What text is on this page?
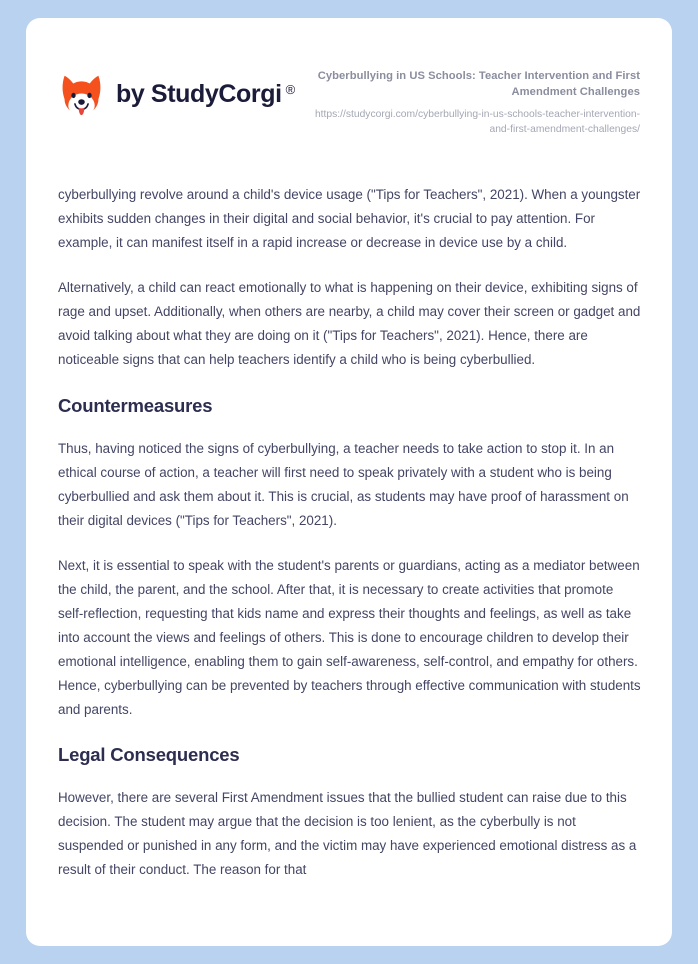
by StudyCorgi ®
Cyberbullying in US Schools: Teacher Intervention and First Amendment Challenges
https://studycorgi.com/cyberbullying-in-us-schools-teacher-intervention-and-first-amendment-challenges/

cyberbullying revolve around a child's device usage ("Tips for Teachers", 2021). When a youngster exhibits sudden changes in their digital and social behavior, it's crucial to pay attention. For example, it can manifest itself in a rapid increase or decrease in device use by a child.

Alternatively, a child can react emotionally to what is happening on their device, exhibiting signs of rage and upset. Additionally, when others are nearby, a child may cover their screen or gadget and avoid talking about what they are doing on it ("Tips for Teachers", 2021). Hence, there are noticeable signs that can help teachers identify a child who is being cyberbullied.

Countermeasures

Thus, having noticed the signs of cyberbullying, a teacher needs to take action to stop it. In an ethical course of action, a teacher will first need to speak privately with a student who is being cyberbullied and ask them about it. This is crucial, as students may have proof of harassment on their digital devices ("Tips for Teachers", 2021).

Next, it is essential to speak with the student's parents or guardians, acting as a mediator between the child, the parent, and the school. After that, it is necessary to create activities that promote self-reflection, requesting that kids name and express their thoughts and feelings, as well as take into account the views and feelings of others. This is done to encourage children to develop their emotional intelligence, enabling them to gain self-awareness, self-control, and empathy for others. Hence, cyberbullying can be prevented by teachers through effective communication with students and parents.

Legal Consequences

However, there are several First Amendment issues that the bullied student can raise due to this decision. The student may argue that the decision is too lenient, as the cyberbully is not suspended or punished in any form, and the victim may have experienced emotional distress as a result of their conduct. The reason for that
